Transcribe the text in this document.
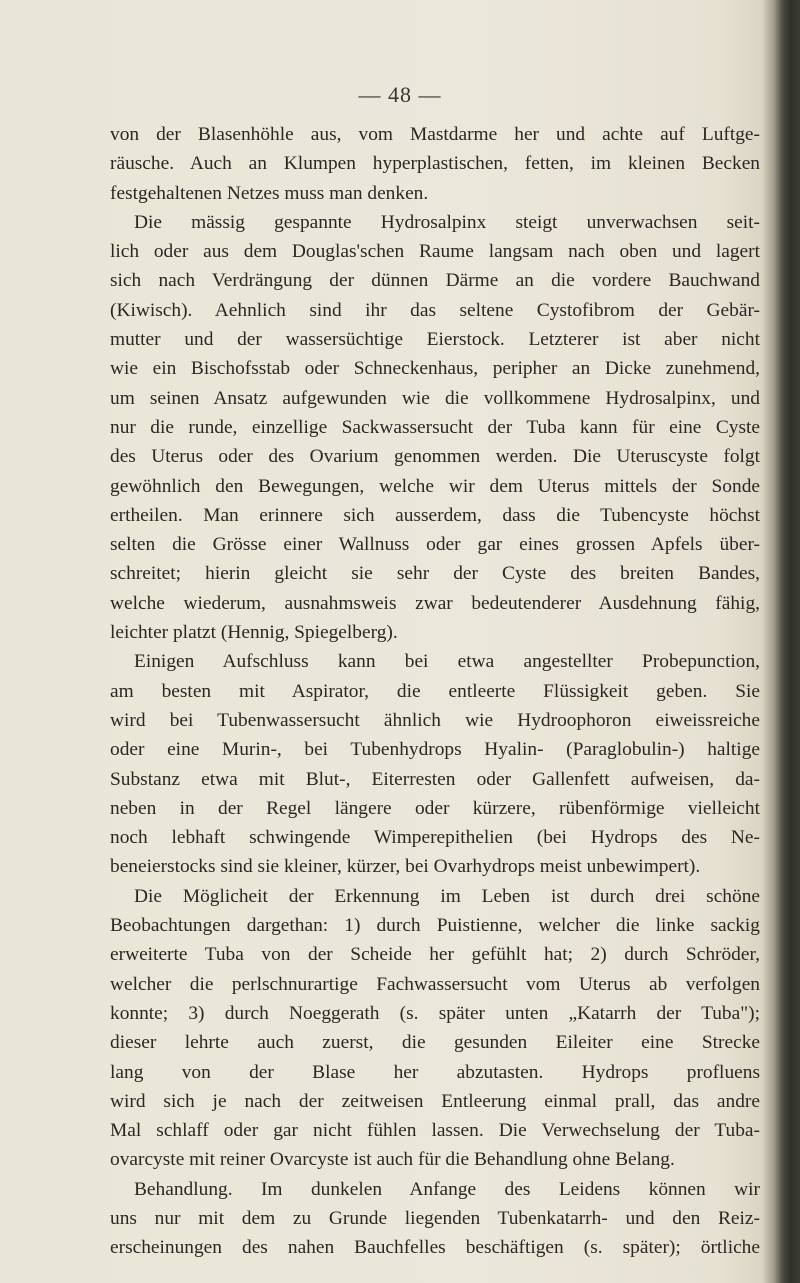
— 48 —
von der Blasenhöhle aus, vom Mastdarme her und achte auf Luftge-
räusche. Auch an Klumpen hyperplastischen, fetten, im kleinen Becken
festgehaltenen Netzes muss man denken.
Die mässig gespannte Hydrosalpinx steigt unverwachsen seit-
lich oder aus dem Douglas'schen Raume langsam nach oben und lagert
sich nach Verdrängung der dünnen Därme an die vordere Bauchwand
(Kiwisch). Aehnlich sind ihr das seltene Cystofibrom der Gebär-
mutter und der wassersüchtige Eierstock. Letzterer ist aber nicht
wie ein Bischofsstab oder Schneckenhaus, peripher an Dicke zunehmend,
um seinen Ansatz aufgewunden wie die vollkommene Hydrosalpinx, und
nur die runde, einzellige Sackwassersucht der Tuba kann für eine Cyste
des Uterus oder des Ovarium genommen werden. Die Uteruscyste folgt
gewöhnlich den Bewegungen, welche wir dem Uterus mittels der Sonde
ertheilen. Man erinnere sich ausserdem, dass die Tubencyste höchst
selten die Grösse einer Wallnuss oder gar eines grossen Apfels über-
schreitet; hierin gleicht sie sehr der Cyste des breiten Bandes,
welche wiederum, ausnahmsweis zwar bedeutenderer Ausdehnung fähig,
leichter platzt (Hennig, Spiegelberg).
Einigen Aufschluss kann bei etwa angestellter Probepunction,
am besten mit Aspirator, die entleerte Flüssigkeit geben. Sie
wird bei Tubenwassersucht ähnlich wie Hydroophoron eiweissreiche
oder eine Murin-, bei Tubenhydrops Hyalin- (Paraglobulin-) haltige
Substanz etwa mit Blut-, Eiterresten oder Gallenfett aufweisen, da-
neben in der Regel längere oder kürzere, rübenförmige vielleicht
noch lebhaft schwingende Wimperepithelien (bei Hydrops des Ne-
beneierstocks sind sie kleiner, kürzer, bei Ovarhydrops meist unbewimpert).
Die Möglicheit der Erkennung im Leben ist durch drei schöne
Beobachtungen dargethan: 1) durch Puistienne, welcher die linke sackig
erweiterte Tuba von der Scheide her gefühlt hat; 2) durch Schröder,
welcher die perlschnurartige Fachwassersucht vom Uterus ab verfolgen
konnte; 3) durch Noeggerath (s. später unten „Katarrh der Tuba");
dieser lehrte auch zuerst, die gesunden Eileiter eine Strecke
lang von der Blase her abzutasten. Hydrops profluens
wird sich je nach der zeitweisen Entleerung einmal prall, das andre
Mal schlaff oder gar nicht fühlen lassen. Die Verwechselung der Tuba-
ovarcyste mit reiner Ovarcyste ist auch für die Behandlung ohne Belang.
Behandlung. Im dunkelen Anfange des Leidens können wir
uns nur mit dem zu Grunde liegenden Tubenkatarrh- und den Reiz-
erscheinungen des nahen Bauchfelles beschäftigen (s. später); örtliche
